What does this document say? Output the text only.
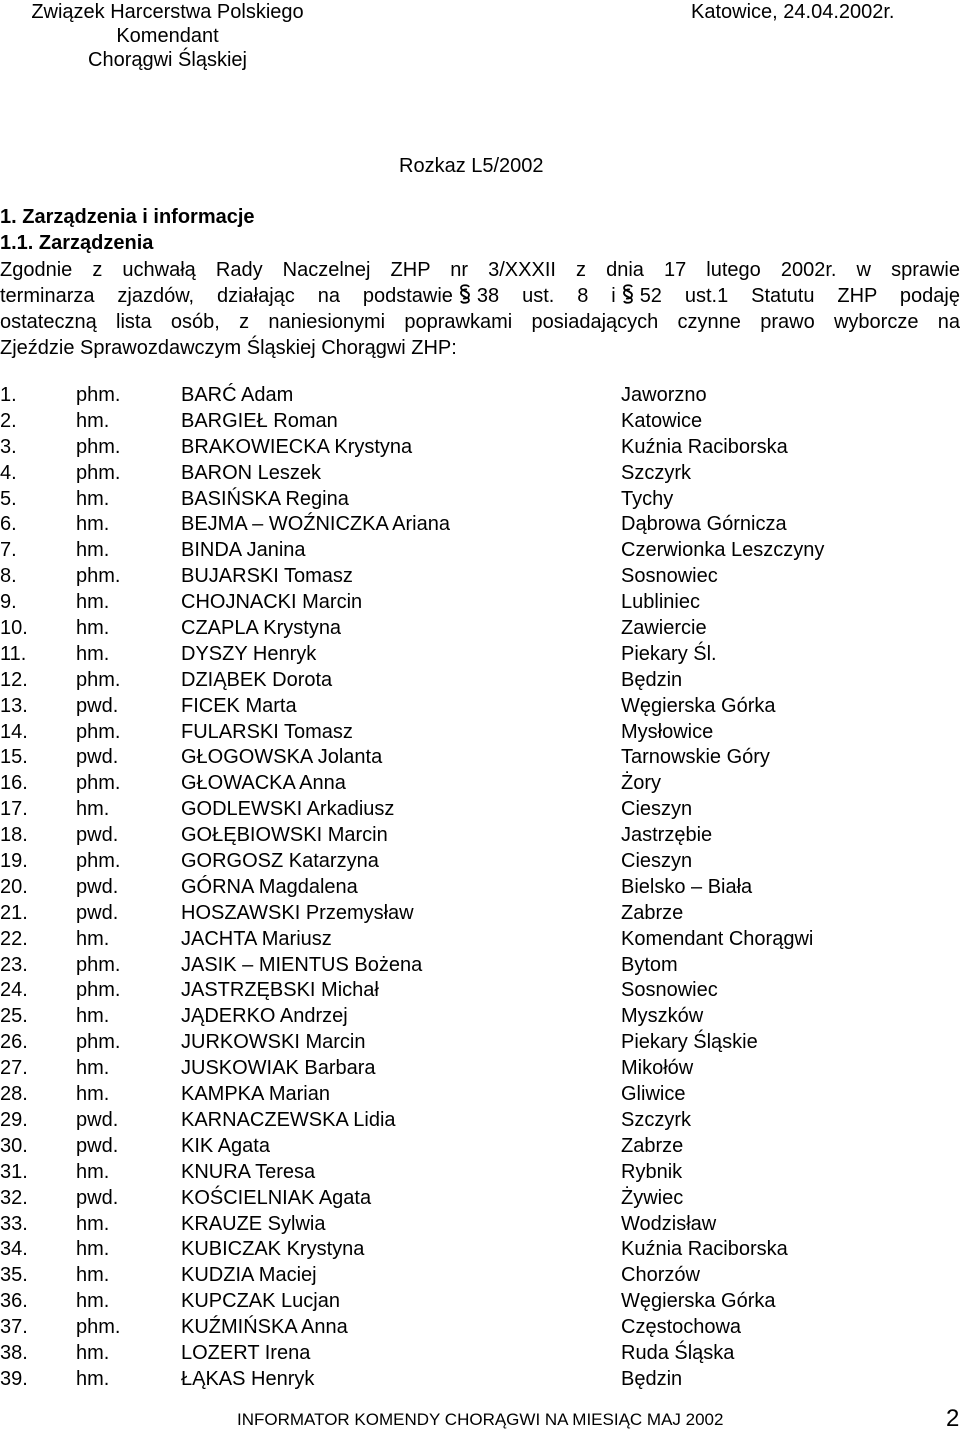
Związek Harcerstwa Polskiego
Komendant
Chorągwi Śląskiej
Katowice, 24.04.2002r.
Rozkaz L5/2002
1. Zarządzenia i informacje
1.1. Zarządzenia
Zgodnie z uchwałą Rady Naczelnej ZHP nr 3/XXXII z dnia 17 lutego 2002r. w sprawie
terminarza zjazdów, działając na podstawie 38 ust. 8 i 52 ust.1 Statutu ZHP podaję
ostateczną lista osób, z naniesionymi poprawkami posiadających czynne prawo wyborcze na
Zjeździe Sprawozdawczym Śląskiej Chorągwi ZHP:
1.	phm.	BARĆ Adam	Jaworzno
2.	hm.	BARGIEŁ Roman	Katowice
3.	phm.	BRAKOWIECKA Krystyna	Kuźnia Raciborska
4.	phm.	BARON Leszek	Szczyrk
5.	hm.	BASIŃSKA Regina	Tychy
6.	hm.	BEJMA – WOŹNICZKA Ariana	Dąbrowa Górnicza
7.	hm.	BINDA Janina	Czerwionka Leszczyny
8.	phm.	BUJARSKI Tomasz	Sosnowiec
9.	hm.	CHOJNACKI Marcin	Lubliniec
10. hm.	CZAPLA Krystyna	Zawiercie
11. hm.	DYSZY Henryk	Piekary Śl.
12. phm.	DZIĄBEK Dorota	Będzin
13. pwd.	FICEK Marta	Węgierska Górka
14. phm.	FULARSKI Tomasz	Mysłowice
15. pwd.	GŁOGOWSKA Jolanta	Tarnowskie Góry
16. phm.	GŁOWACKA Anna	Żory
17. hm.	GODLEWSKI Arkadiusz	Cieszyn
18. pwd.	GOŁĘBIOWSKI Marcin	Jastrzębie
19. phm.	GORGOSZ Katarzyna	Cieszyn
20. pwd.	GÓRNA Magdalena	Bielsko – Biała
21. pwd.	HOSZAWSKI Przemysław	Zabrze
22. hm.	JACHTA Mariusz	Komendant Chorągwi
23. phm.	JASIK – MIENTUS Bożena	Bytom
24. phm.	JASTRZĘBSKI Michał	Sosnowiec
25. hm.	JĄDERKO Andrzej	Myszków
26. phm.	JURKOWSKI Marcin	Piekary Śląskie
27. hm.	JUSKOWIAK Barbara	Mikołów
28. hm.	KAMPKA Marian	Gliwice
29. pwd.	KARNACZEWSKA Lidia	Szczyrk
30. pwd.	KIK Agata	Zabrze
31. hm.	KNURA Teresa	Rybnik
32. pwd.	KOŚCIELNIAK Agata	Żywiec
33. hm.	KRAUZE Sylwia	Wodzisław
34. hm.	KUBICZAK Krystyna	Kuźnia Raciborska
35. hm.	KUDZIA Maciej	Chorzów
36. hm.	KUPCZAK Lucjan	Węgierska Górka
37. phm.	KUŹMIŃSKA Anna	Częstochowa
38. hm.	LOZERT Irena	Ruda Śląska
39. hm.	ŁĄKAS Henryk	Będzin
INFORMATOR KOMENDY CHORĄGWI NA MIESIĄC MAJ 2002	2
